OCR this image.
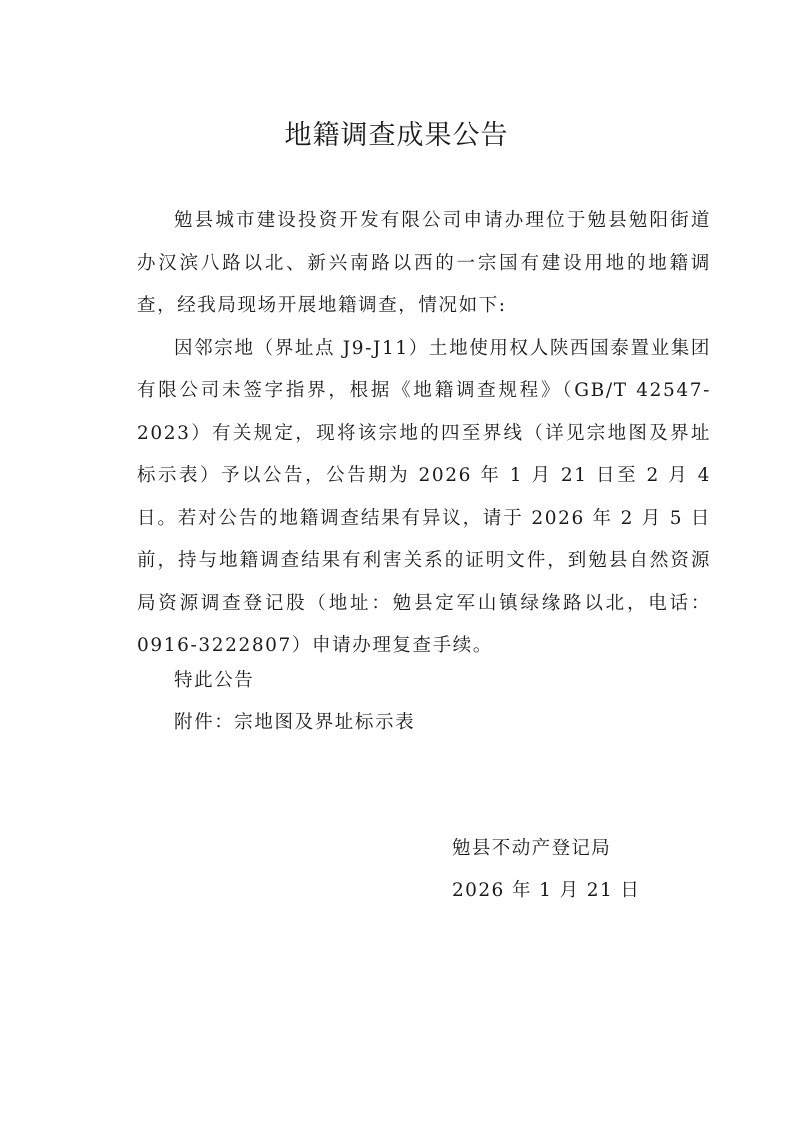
地籍调查成果公告

勉县城市建设投资开发有限公司申请办理位于勉县勉阳街道办汉滨八路以北、新兴南路以西的一宗国有建设用地的地籍调查，经我局现场开展地籍调查，情况如下:

因邻宗地（界址点 J9-J11）土地使用权人陕西国泰置业集团有限公司未签字指界，根据《地籍调查规程》（GB/T 42547-2023）有关规定，现将该宗地的四至界线（详见宗地图及界址标示表）予以公告，公告期为 2026 年 1 月 21 日至 2 月 4 日。若对公告的地籍调查结果有异议，请于 2026 年 2 月 5 日前，持与地籍调查结果有利害关系的证明文件，到勉县自然资源局资源调查登记股（地址：勉县定军山镇绿缘路以北，电话：0916-3222807）申请办理复查手续。

特此公告
附件：宗地图及界址标示表
勉县不动产登记局
2026 年 1 月 21 日
